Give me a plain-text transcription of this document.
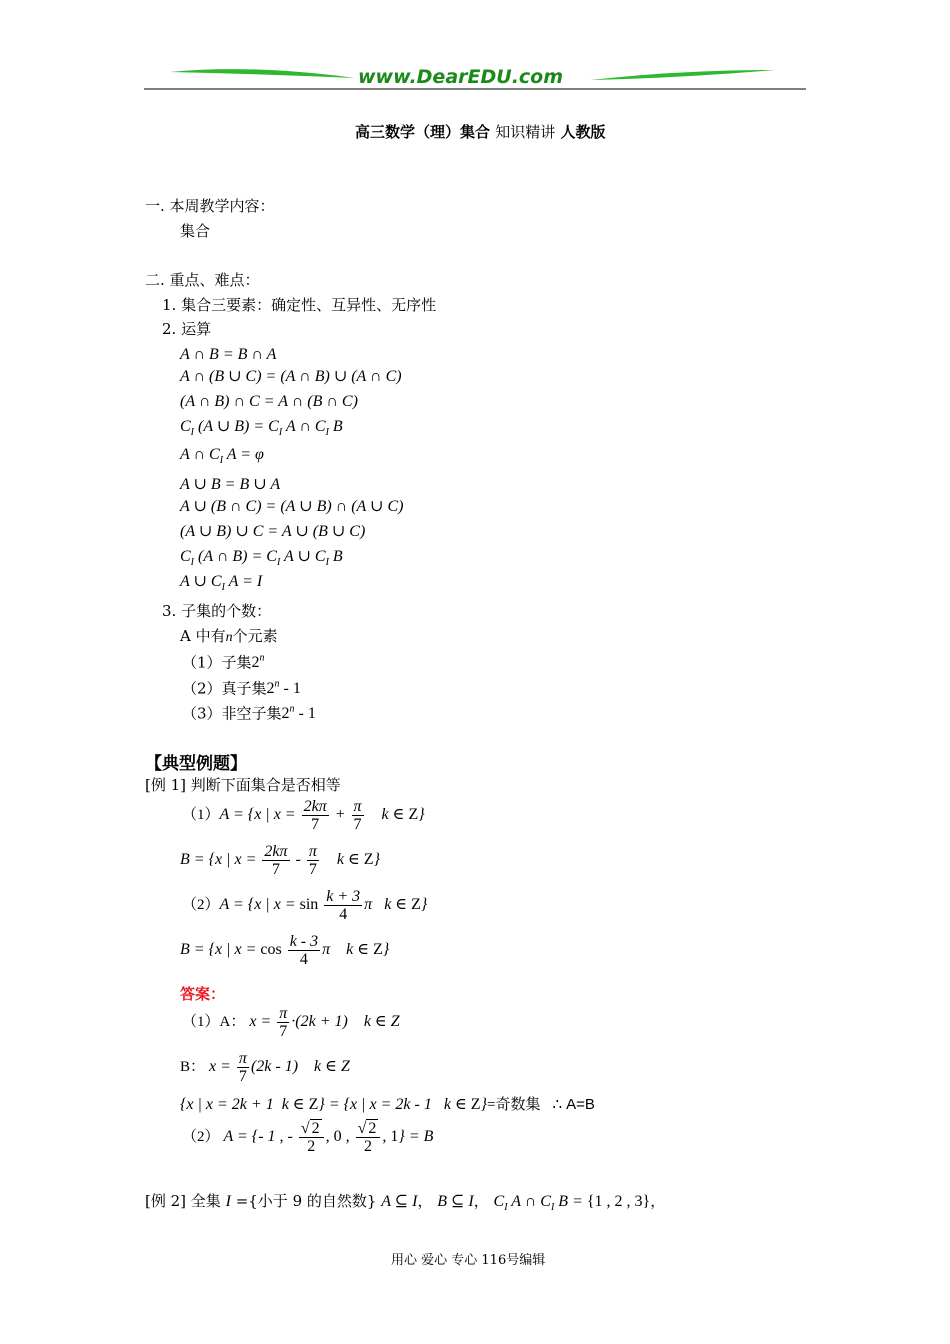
www.DearEDU.com
高三数学（理）集合 知识精讲 人教版
一. 本周教学内容：
集合
二. 重点、难点：
1. 集合三要素：确定性、互异性、无序性
2. 运算
A ∩ B = B ∩ A
A ∩ (B ∪ C) = (A ∩ B) ∪ (A ∩ C)
(A ∩ B) ∩ C = A ∩ (B ∩ C)
$C_I$ (A ∪ $B) = C_I$ A ∩ $C_I$ B
A ∩ $C_I$ A = φ
A ∪ B = B ∪ A
A ∪ (B ∩ C) = (A ∪ B) ∩ (A ∪ C)
(A ∪ B) ∪ C = A ∪ (B ∪ C)
$C_I$ (A ∩ $B) = C_I$ A ∪ $C_I$ B
A ∪ $C_I$ A = I
3. 子集的个数：
A 中有n个元素
（1）子集2$^n$
（2）真子集2$^n$ - 1
（3）非空子集2$^n$ - 1
【典型例题】
[例 1] 判断下面集合是否相等
（1）A = {x | $x = \frac{2k\pi}{7} + \frac{\pi}{7}$ k ∈ Z}
B = {x | $x = \frac{2k\pi}{7} - \frac{\pi}{7}$ k ∈ Z}
（2）A = {x | $x = \sin \frac{k + 3}{4}$ π   k ∈ Z}
B = {x | $x = \cos \frac{k - 3}{4}$ π    k ∈ Z}
答案：
（1）A： $x = \frac{\pi}{7} \cdot(2k + 1)$    k ∈ Z
B： $x = \frac{\pi}{7} (2k - 1)$    k ∈ Z
{x | x = 2k + 1  k ∈ Z} = {x | x = 2k - 1   k ∈ Z}=奇数集 ∴ A=B
（2） A = {- 1 , - $\frac{√ 2}{2}$ , 0 , $\frac{√ 2}{2}$ , 1} = B
[例 2] 全集 I ={小于 9 的自然数} A ⊆ I， B ⊆ I， $C_I$ A ∩ $C_I$ B = {1 , 2 , 3}，
用心 爱心 专心 116号编辑
